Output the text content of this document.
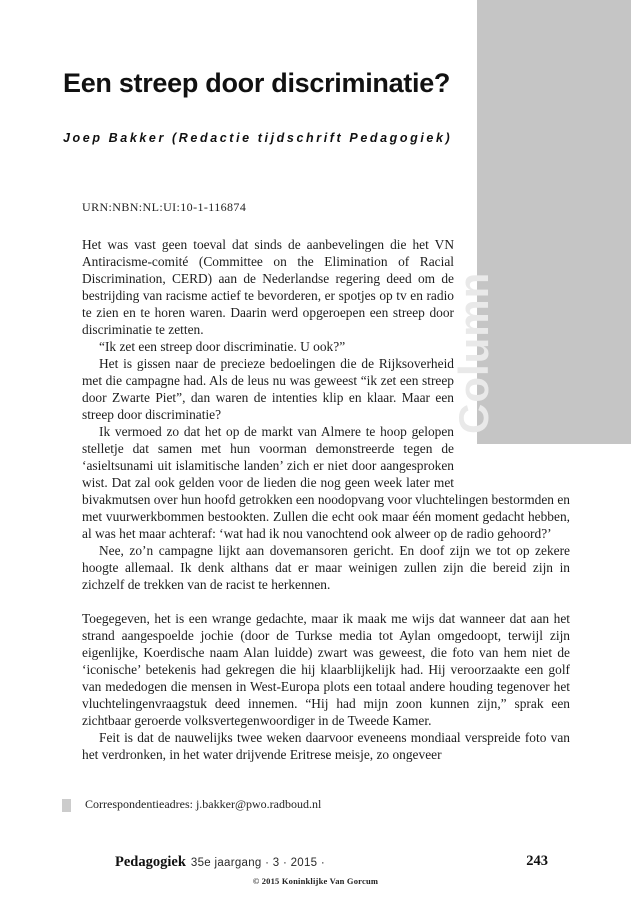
Column
Een streep door discriminatie?
Joep Bakker (Redactie tijdschrift Pedagogiek)
URN:NBN:NL:UI:10-1-116874

Het was vast geen toeval dat sinds de aanbevelingen die het VN Antiracisme-comité (Committee on the Elimination of Racial Discrimination, CERD) aan de Nederlandse regering deed om de bestrijding van racisme actief te bevorderen, er spotjes op tv en radio te zien en te horen waren. Daarin werd opgeroepen een streep door discriminatie te zetten.

“Ik zet een streep door discriminatie. U ook?”

Het is gissen naar de precieze bedoelingen die de Rijksoverheid met die campagne had. Als de leus nu was geweest “ik zet een streep door Zwarte Piet”, dan waren de intenties klip en klaar. Maar een streep door discriminatie?

Ik vermoed zo dat het op de markt van Almere te hoop gelopen stelletje dat samen met hun voorman demonstreerde tegen de ‘asieltsunami uit islamitische landen’ zich er niet door aangesproken wist. Dat zal ook gelden voor de lieden die nog geen week later met bivakmutsen over hun hoofd getrokken een noodopvang voor vluchtelingen bestormden en met vuurwerkbommen bestookten. Zullen die echt ook maar één moment gedacht hebben, al was het maar achteraf: ‘wat had ik nou vanochtend ook alweer op de radio gehoord?’

Nee, zo’n campagne lijkt aan dovemansoren gericht. En doof zijn we tot op zekere hoogte allemaal. Ik denk althans dat er maar weinigen zullen zijn die bereid zijn in zichzelf de trekken van de racist te herkennen.

Toegegeven, het is een wrange gedachte, maar ik maak me wijs dat wanneer dat aan het strand aangespoelde jochie (door de Turkse media tot Aylan omgedoopt, terwijl zijn eigenlijke, Koerdische naam Alan luidde) zwart was geweest, die foto van hem niet de ‘iconische’ betekenis had gekregen die hij klaarblijkelijk had. Hij veroorzaakte een golf van mededogen die mensen in West-Europa plots een totaal andere houding tegenover het vluchtelingenvraagstuk deed innemen. “Hij had mijn zoon kunnen zijn,” sprak een zichtbaar geroerde volksvertegenwoordiger in de Tweede Kamer.

Feit is dat de nauwelijks twee weken daarvoor eveneens mondiaal verspreide foto van het verdronken, in het water drijvende Eritrese meisje, zo ongeveer

Correspondentieadres: j.bakker@pwo.radboud.nl
Pedagogiek 35e jaargang · 3 · 2015 ·	243
© 2015 Koninklijke Van Gorcum
